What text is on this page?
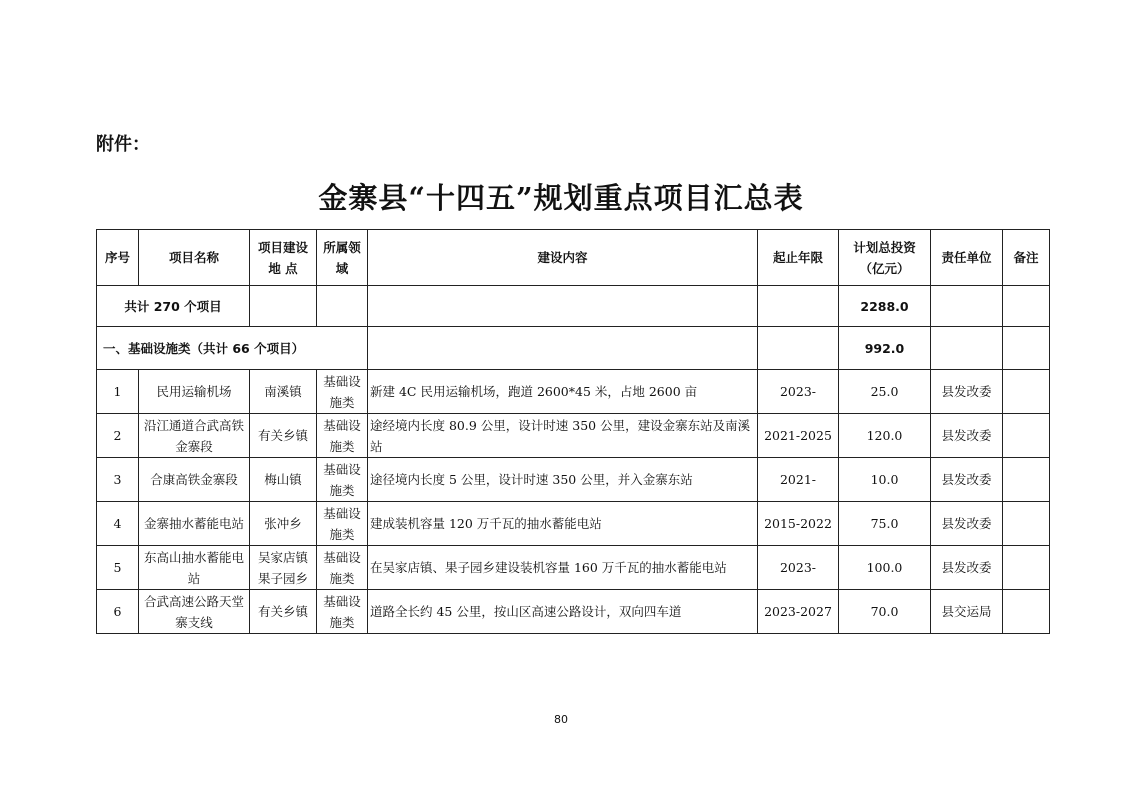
附件：
金寨县“十四五”规划重点项目汇总表
序号	项目名称	项目建设地 点	所属领域	建设内容	起止年限	计划总投资（亿元）	责任单位	备注
共计 270 个项目						2288.0		
一、基础设施类（共计 66 个项目）						992.0		
1	民用运输机场	南溪镇	基础设施类	新建 4C 民用运输机场，跑道 2600*45 米，占地 2600 亩	2023-	25.0	县发改委	
2	沿江通道合武高铁金寨段	有关乡镇	基础设施类	途经境内长度 80.9 公里，设计时速 350 公里，建设金寨东站及南溪站	2021-2025	120.0	县发改委	
3	合康高铁金寨段	梅山镇	基础设施类	途径境内长度 5 公里，设计时速 350 公里，并入金寨东站	2021-	10.0	县发改委	
4	金寨抽水蓄能电站	张冲乡	基础设施类	建成装机容量 120 万千瓦的抽水蓄能电站	2015-2022	75.0	县发改委	
5	东高山抽水蓄能电站	吴家店镇果子园乡	基础设施类	在吴家店镇、果子园乡建设装机容量 160 万千瓦的抽水蓄能电站	2023-	100.0	县发改委	
6	合武高速公路天堂寨支线	有关乡镇	基础设施类	道路全长约 45 公里，按山区高速公路设计，双向四车道	2023-2027	70.0	县交运局	
80
